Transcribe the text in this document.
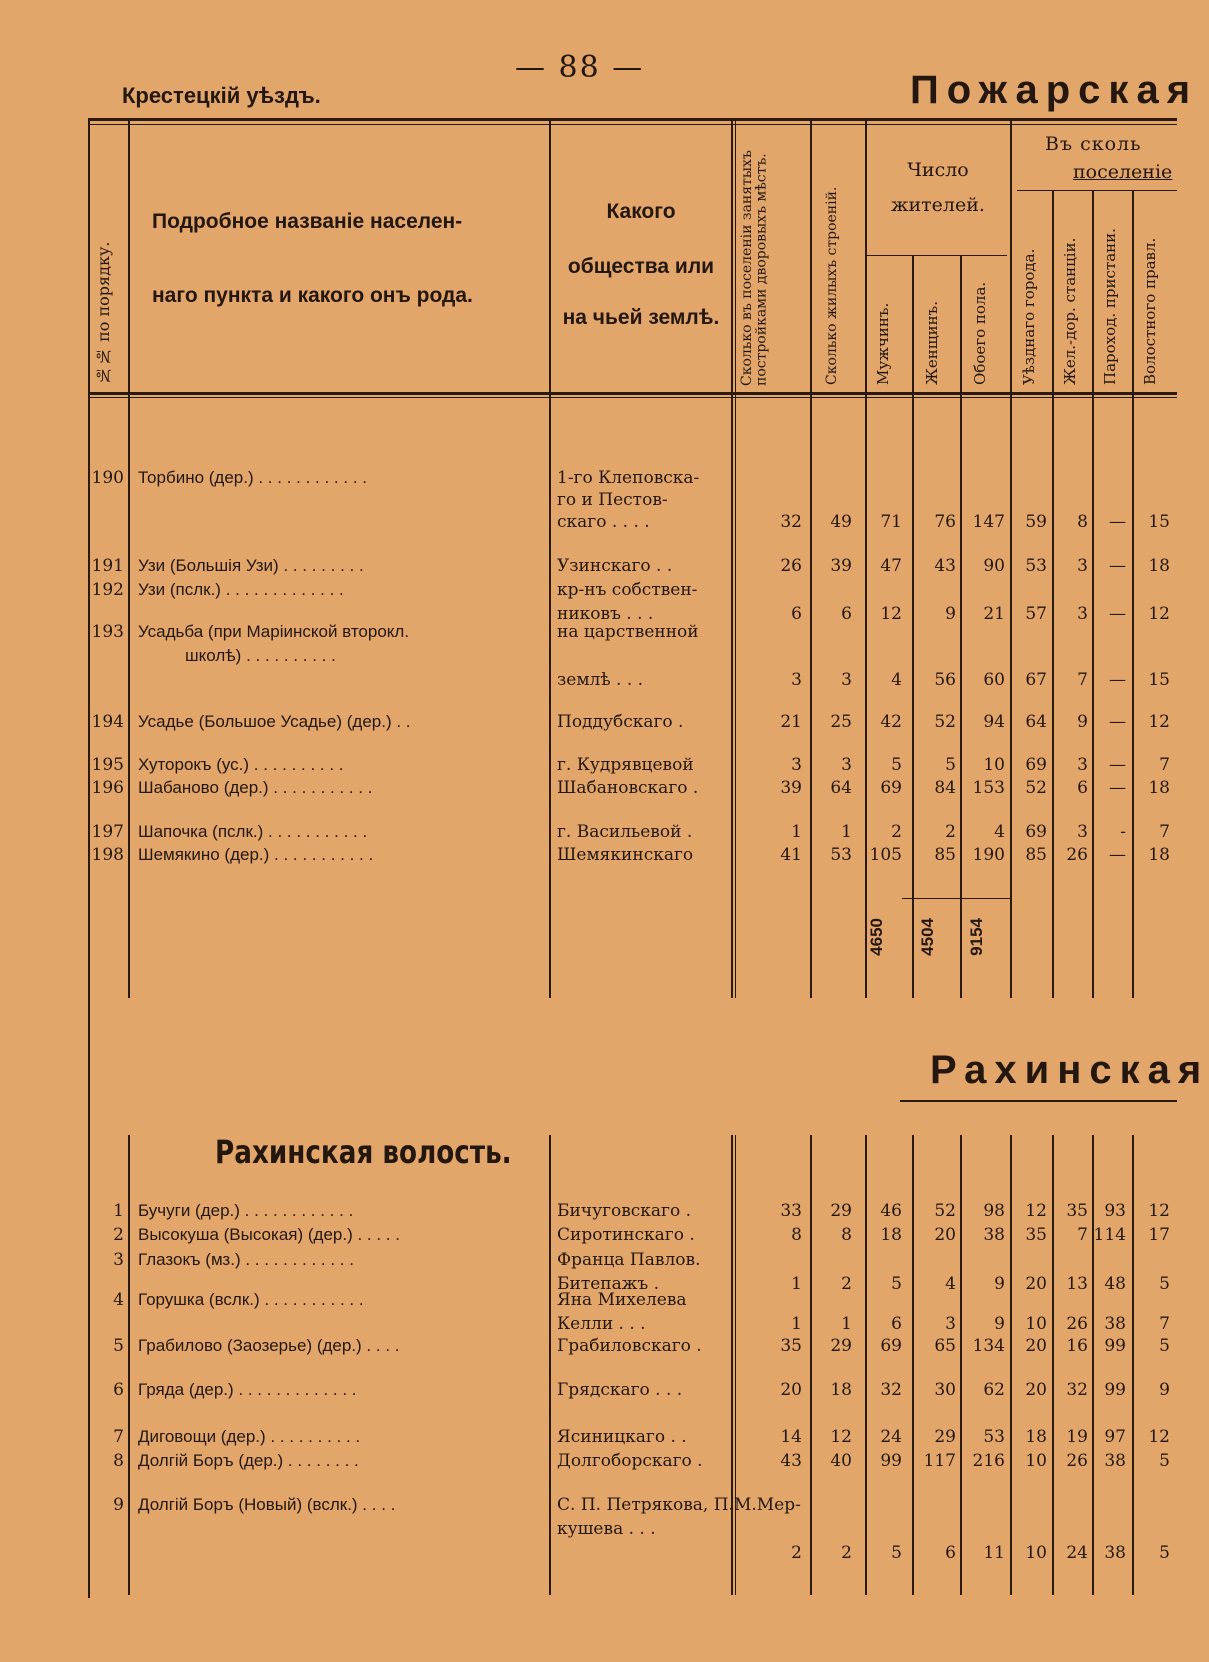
— 88 —
Крестецкій уѣздъ.	Пожарская
№№ по порядку.
Подробное названіе населен-
наго пункта и какого онъ рода.
Какого
общества или
на чьей землѣ.	Сколько въ поселеніи занятыхъ постройками дворовыхъ мѣстъ.	Сколько жилыхъ строеній.
Число
жителей.
Мужчинъ. Женщинъ. Обоего пола.
Въ сколь
поселеніе
Уѣзднаго города. Жел.-дор. станціи. Пароход. пристани. Волостного правл.
190 Торбино (дер.) . . . . . . . . . . . .	1-го Клеповска-
го и Пестов-
скаго . . . .	32 49 71 76 147 59 8 — 15
191 Узи (Большія Узи) . . . . . . . . .	Узинскаго . .	26 39 47 43 90 53 3 — 18
192 Узи (пслк.) . . . . . . . . . . . . .	кр-нъ собствен-
никовъ . . .	6 6 12	9 21 57 3 — 12
193 Усадьба (при Маріинской второкл.
школѣ) . . . . . . . . . .
на царственной
землѣ . . .	3 3 4 56 60 67 7 — 15
194 Усадье (Большое Усадье) (дер.) . .	Поддубскаго .	21 25 42 52 94 64 9 — 12
195 Хуторокъ (ус.) . . . . . . . . . .	г. Кудрявцевой	3 3 5	5 10 69 3 — 7
196 Шабаново (дер.) . . . . . . . . . . .	Шабановскаго .	39 64 69 84 153 52 6 — 18
197 Шапочка (пслк.) . . . . . . . . . . .	г. Васильевой .	1 1 2	2 4 69 3 - 7
198 Шемякино (дер.) . . . . . . . . . . .	Шемякинскаго	41 53 105 85 190 85 26 — 18
4650 4504 9154
Рахинская
Рахинская волость.
1 Бучуги (дер.) . . . . . . . . . . . .	Бичуговскаго .	33 29 46 52 98 12 35 93 12
2 Высокуша (Высокая) (дер.) . . . . .	Сиротинскаго .	8 8 18 20 38 35 7 114 17
3 Глазокъ (мз.) . . . . . . . . . . . .	Франца Павлов.
Битепажъ .	1 2 5	4 9 20 13 48 5
4 Горушка (вслк.) . . . . . . . . . . .	Яна Михелева
Келли . . .	1 1 6	3 9 10 26 38 7
5 Грабилово (Заозерье) (дер.) . . . .	Грабиловскаго .	35 29 69 65 134 20 16 99 5
6 Гряда (дер.) . . . . . . . . . . . . .	Грядскаго . . .	20 18 32 30 62 20 32 99 9
7 Диговощи (дер.) . . . . . . . . . .	Ясиницкаго . .	14 12 24 29 53 18 19 97 12
8 Долгій Боръ (дер.) . . . . . . . .	Долгоборскаго .	43 40 99 117 216 10 26 38 5
9 Долгій Боръ (Новый) (вслк.) . . . .	С. П. Петрякова, П.М.Мер-
кушева . . .
2 2 5	6 11 10 24 38 5
